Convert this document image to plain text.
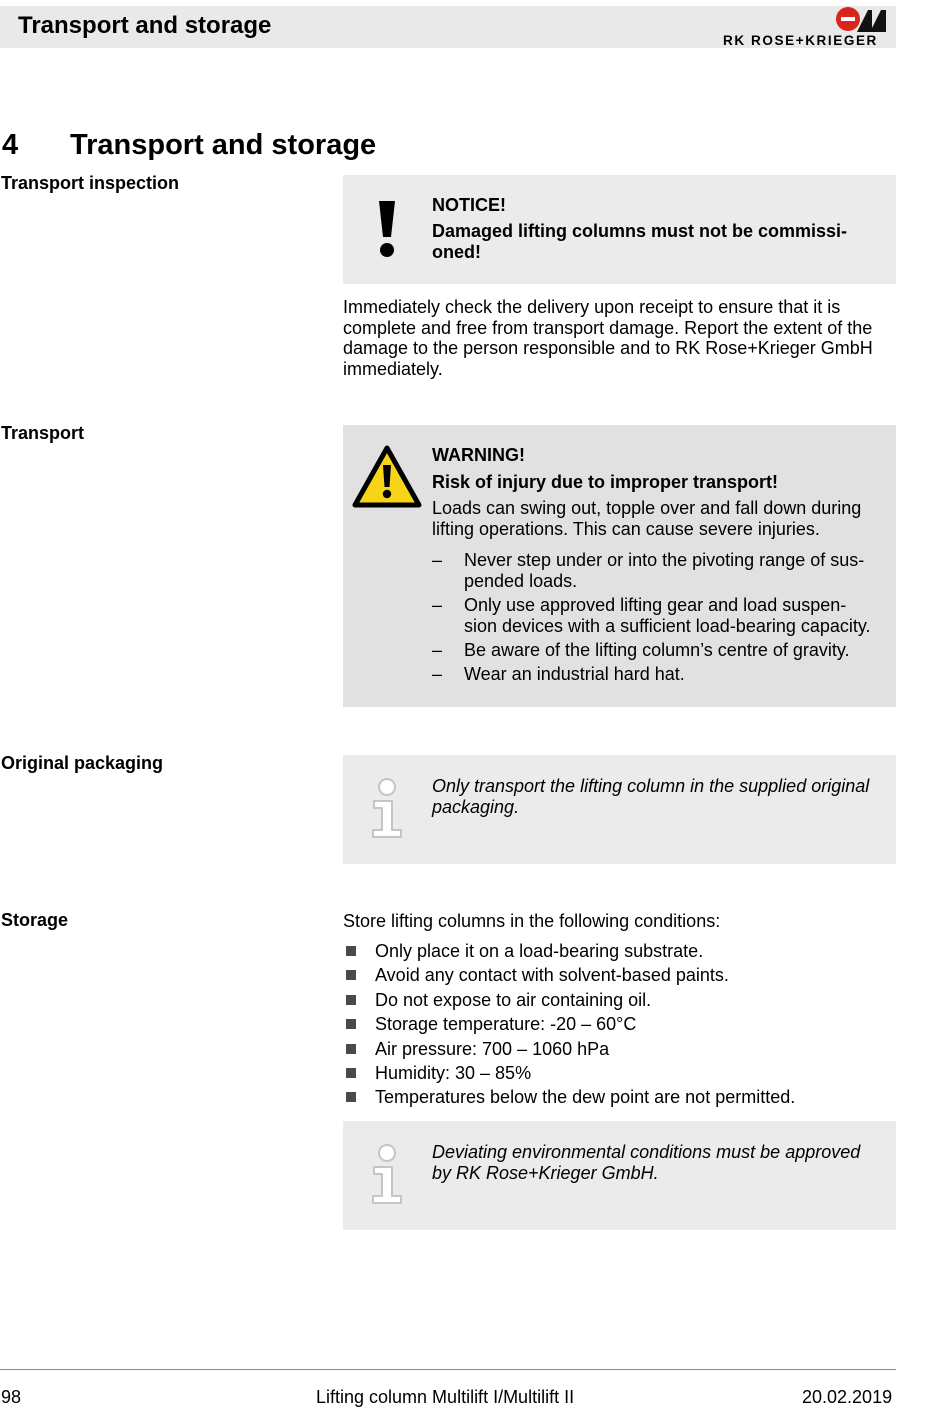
Transport and storage
RK ROSE+KRIEGER
4 Transport and storage
Transport inspection
NOTICE!
Damaged lifting columns must not be commissi-
oned!
Immediately check the delivery upon receipt to ensure that it is
complete and free from transport damage. Report the extent of the
damage to the person responsible and to RK Rose+Krieger GmbH
immediately.
Transport
WARNING!
Risk of injury due to improper transport!
Loads can swing out, topple over and fall down during
lifting operations. This can cause severe injuries.
– Never step under or into the pivoting range of sus-
pended loads.
– Only use approved lifting gear and load suspen-
sion devices with a sufficient load-bearing capacity.
– Be aware of the lifting column’s centre of gravity.
– Wear an industrial hard hat.
Original packaging
Only transport the lifting column in the supplied original
packaging.
Storage	Store lifting columns in the following conditions:
Only place it on a load-bearing substrate.
Avoid any contact with solvent-based paints.
Do not expose to air containing oil.
Storage temperature: -20 – 60°C
Air pressure: 700 – 1060 hPa
Humidity: 30 – 85%
Temperatures below the dew point are not permitted.
Deviating environmental conditions must be approved
by RK Rose+Krieger GmbH.
98	Lifting column Multilift I/Multilift II	20.02.2019
